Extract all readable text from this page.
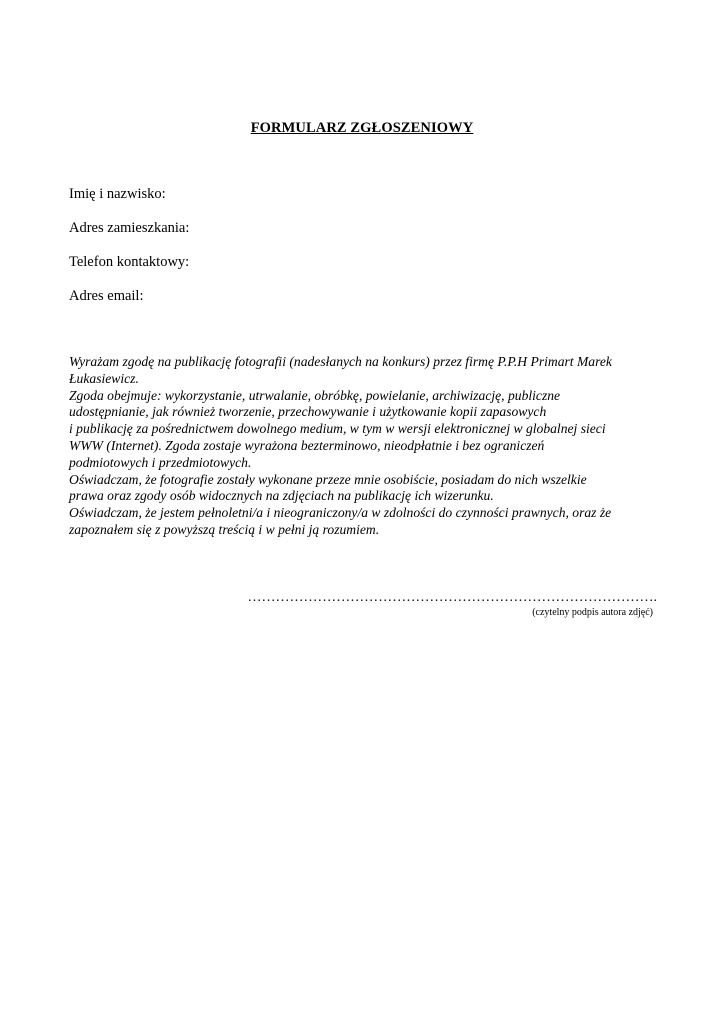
FORMULARZ ZGŁOSZENIOWY
Imię i nazwisko:
Adres zamieszkania:
Telefon kontaktowy:
Adres email:
Wyrażam zgodę na publikację fotografii (nadesłanych na konkurs) przez firmę P.P.H Primart Marek
Łukasiewicz.
Zgoda obejmuje: wykorzystanie, utrwalanie, obróbkę, powielanie, archiwizację, publiczne
udostępnianie, jak również tworzenie, przechowywanie i użytkowanie kopii zapasowych
i publikację za pośrednictwem dowolnego medium, w tym w wersji elektronicznej w globalnej sieci
WWW (Internet). Zgoda zostaje wyrażona bezterminowo, nieodpłatnie i bez ograniczeń
podmiotowych i przedmiotowych.
Oświadczam, że fotografie zostały wykonane przeze mnie osobiście, posiadam do nich wszelkie
prawa oraz zgody osób widocznych na zdjęciach na publikację ich wizerunku.
Oświadczam, że jestem pełnoletni/a i nieograniczony/a w zdolności do czynności prawnych, oraz że
zapoznałem się z powyższą treścią i w pełni ją rozumiem.
…………………………………………………………………………….
(czytelny podpis autora zdjęć)
